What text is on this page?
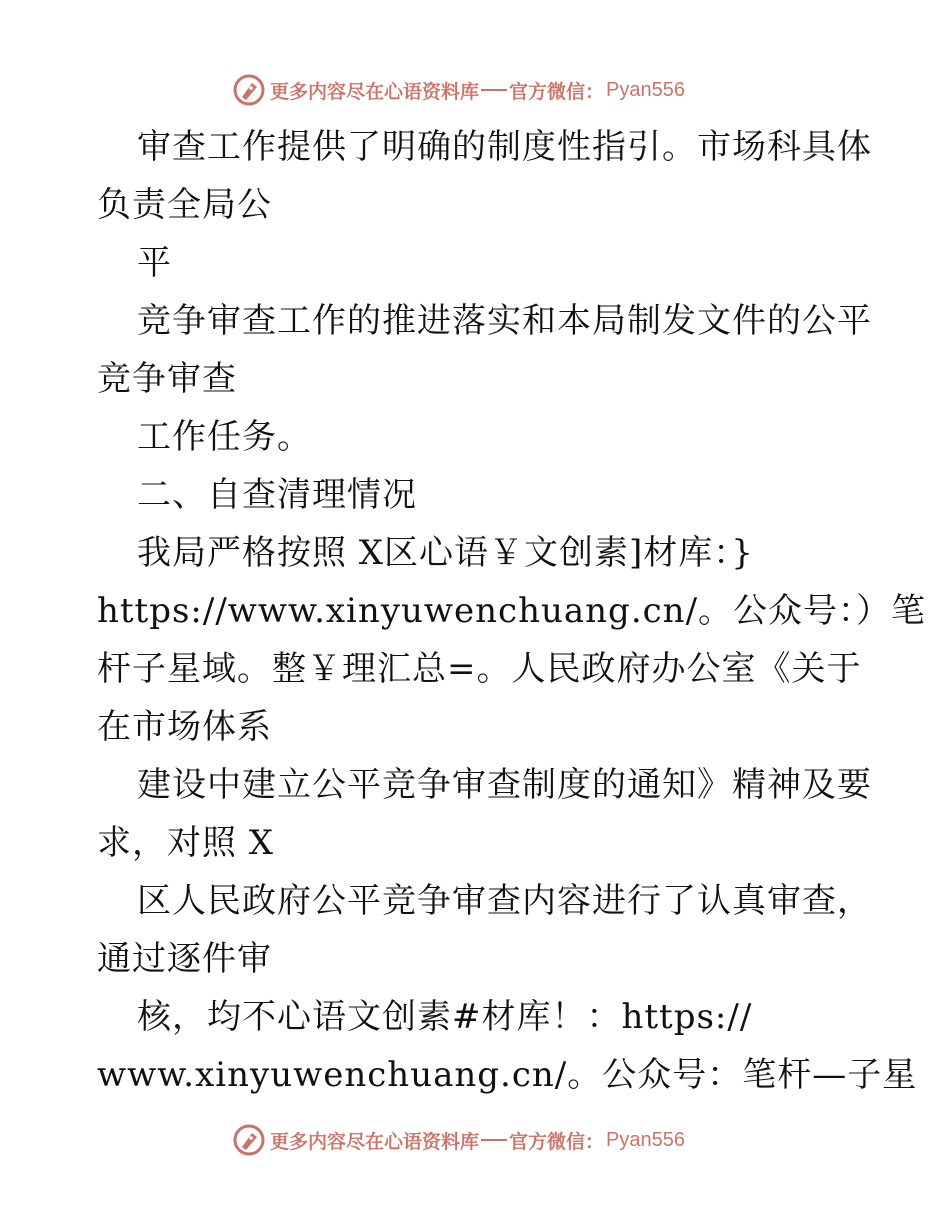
更多内容尽在心语资料库 官方微信： Pyan556
审查工作提供了明确的制度性指引。市场科具体
负责全局公
平
竞争审查工作的推进落实和本局制发文件的公平
竞争审查
工作任务。
二、自查清理情况
我局严格按照 X区心语￥文创素]材库：}
https://www.xinyuwenchuang.cn/。公众号：）笔
杆子星域。整￥理汇总=。人民政府办公室《关于
在市场体系
建设中建立公平竞争审查制度的通知》精神及要
求，对照 X
区人民政府公平竞争审查内容进行了认真审查，
通过逐件审
核，均不心语文创素#材库！：https://
www.xinyuwenchuang.cn/。公众号：笔杆—子星
更多内容尽在心语资料库 官方微信： Pyan556
